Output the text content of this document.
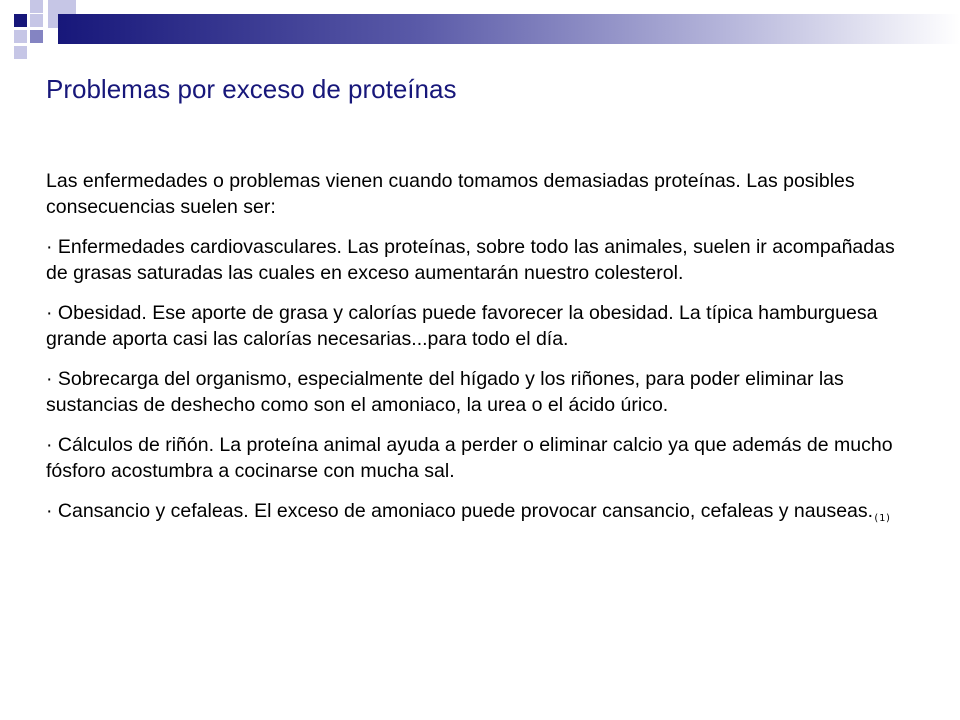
Problemas por exceso de proteínas

Las enfermedades o problemas vienen cuando tomamos demasiadas proteínas. Las posibles consecuencias suelen ser:

· Enfermedades cardiovasculares. Las proteínas, sobre todo las animales, suelen ir acompañadas de grasas saturadas las cuales en exceso aumentarán nuestro colesterol.

· Obesidad. Ese aporte de grasa y calorías puede favorecer la obesidad. La típica hamburguesa grande aporta casi las calorías necesarias...para todo el día.

· Sobrecarga del organismo, especialmente del hígado y los riñones, para poder eliminar las sustancias de deshecho como son el amoniaco, la urea o el ácido úrico.

· Cálculos de riñón. La proteína animal ayuda a perder o eliminar calcio ya que además de mucho fósforo acostumbra a cocinarse con mucha sal.

· Cansancio y cefaleas. El exceso de amoniaco puede provocar cansancio, cefaleas y $nauseas._{(1)}$
